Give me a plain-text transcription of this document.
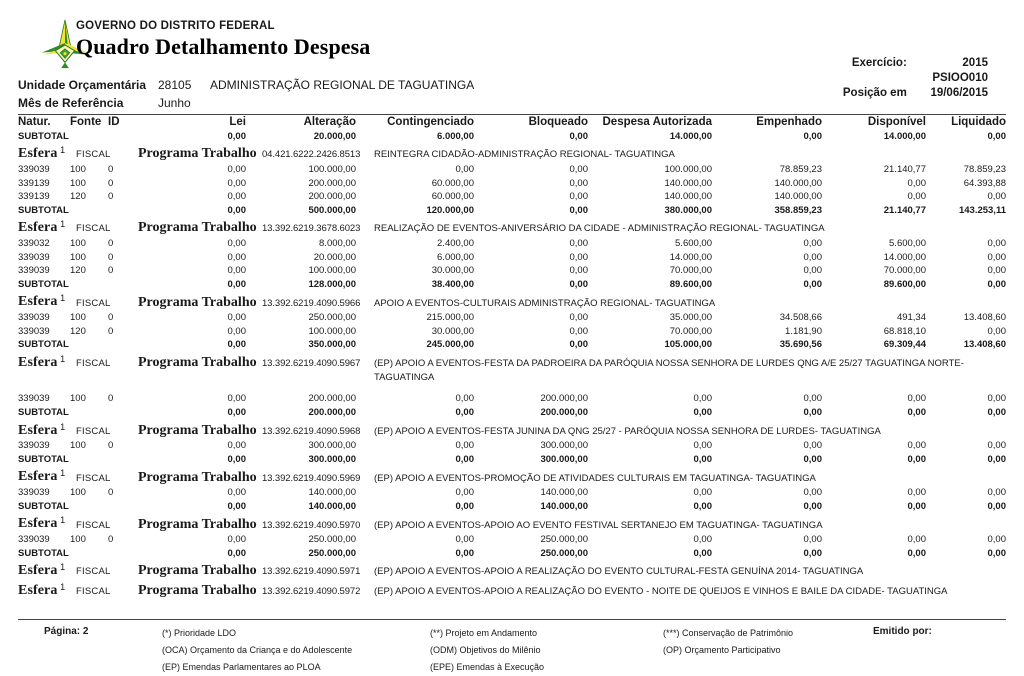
GOVERNO DO DISTRITO FEDERAL
Quadro Detalhamento Despesa
Exercício:	2015
PSIOO010
Posição em 19/06/2015
Unidade Orçamentária 28105 ADMINISTRAÇÃO REGIONAL DE TAGUATINGA
Mês de Referência	Junho
Natur.	Fonte	ID	Lei	Alteração	Contingenciado	Bloqueado	Despesa Autorizada	Empenhado	Disponível	Liquidado
SUBTOTAL			0,00	20.000,00	6.000,00	0,00	14.000,00	0,00	14.000,00	0,00

Esfera 1 FISCAL Programa Trabalho 04.421.6222.2426.8513 REINTEGRA CIDADÃO-ADMINISTRAÇÃO REGIONAL- TAGUATINGA										

339039	100	0	0,00	100.000,00	0,00	0,00	100.000,00	78.859,23	21.140,77	78.859,23
339139	100	0	0,00	200.000,00	60.000,00	0,00	140.000,00	140.000,00	0,00	64.393,88
339139	120	0	0,00	200.000,00	60.000,00	0,00	140.000,00	140.000,00	0,00	0,00
SUBTOTAL			0,00	500.000,00	120.000,00	0,00	380.000,00	358.859,23	21.140,77	143.253,11

Esfera 1 FISCAL Programa Trabalho 13.392.6219.3678.6023 REALIZAÇÃO DE EVENTOS-ANIVERSÁRIO DA CIDADE - ADMINISTRAÇÃO REGIONAL- TAGUATINGA										

339032	100	0	0,00	8.000,00	2.400,00	0,00	5.600,00	0,00	5.600,00	0,00
339039	100	0	0,00	20.000,00	6.000,00	0,00	14.000,00	0,00	14.000,00	0,00
339039	120	0	0,00	100.000,00	30.000,00	0,00	70.000,00	0,00	70.000,00	0,00
SUBTOTAL			0,00	128.000,00	38.400,00	0,00	89.600,00	0,00	89.600,00	0,00

Esfera 1 FISCAL Programa Trabalho 13.392.6219.4090.5966 APOIO A EVENTOS-CULTURAIS ADMINISTRAÇÃO REGIONAL- TAGUATINGA										

339039	100	0	0,00	250.000,00	215.000,00	0,00	35.000,00	34.508,66	491,34	13.408,60
339039	120	0	0,00	100.000,00	30.000,00	0,00	70.000,00	1.181,90	68.818,10	0,00
SUBTOTAL			0,00	350.000,00	245.000,00	0,00	105.000,00	35.690,56	69.309,44	13.408,60

Esfera 1 FISCAL Programa Trabalho 13.392.6219.4090.5967 (EP) APOIO A EVENTOS-FESTA DA PADROEIRA DA PARÓQUIA NOSSA SENHORA DE LURDES QNG A/E 25/27 TAGUATINGA NORTE- TAGUATINGA										

339039	100	0	0,00	200.000,00	0,00	200.000,00	0,00	0,00	0,00	0,00
SUBTOTAL			0,00	200.000,00	0,00	200.000,00	0,00	0,00	0,00	0,00

Esfera 1 FISCAL Programa Trabalho 13.392.6219.4090.5968 (EP) APOIO A EVENTOS-FESTA JUNINA DA QNG 25/27 - PARÓQUIA NOSSA SENHORA DE LURDES- TAGUATINGA										

339039	100	0	0,00	300.000,00	0,00	300.000,00	0,00	0,00	0,00	0,00
SUBTOTAL			0,00	300.000,00	0,00	300.000,00	0,00	0,00	0,00	0,00

Esfera 1 FISCAL Programa Trabalho 13.392.6219.4090.5969 (EP) APOIO A EVENTOS-PROMOÇÃO DE ATIVIDADES CULTURAIS EM TAGUATINGA- TAGUATINGA										

339039	100	0	0,00	140.000,00	0,00	140.000,00	0,00	0,00	0,00	0,00
SUBTOTAL			0,00	140.000,00	0,00	140.000,00	0,00	0,00	0,00	0,00

Esfera 1 FISCAL Programa Trabalho 13.392.6219.4090.5970 (EP) APOIO A EVENTOS-APOIO AO EVENTO FESTIVAL SERTANEJO EM TAGUATINGA- TAGUATINGA										

339039	100	0	0,00	250.000,00	0,00	250.000,00	0,00	0,00	0,00	0,00
SUBTOTAL			0,00	250.000,00	0,00	250.000,00	0,00	0,00	0,00	0,00

Esfera 1 FISCAL Programa Trabalho 13.392.6219.4090.5971 (EP) APOIO A EVENTOS-APOIO A REALIZAÇÃO DO EVENTO CULTURAL-FESTA GENUÍNA 2014- TAGUATINGA										

Esfera 1 FISCAL Programa Trabalho 13.392.6219.4090.5972 (EP) APOIO A EVENTOS-APOIO A REALIZAÇÃO DO EVENTO - NOITE DE QUEIJOS E VINHOS E BAILE DA CIDADE- TAGUATINGA										
Página: 2	(*) Prioridade LDO
(OCA) Orçamento da Criança e do Adolescente
(EP) Emendas Parlamentares ao PLOA
(**) Projeto em Andamento
(ODM) Objetivos do Milênio
(EPE) Emendas à Execução
(***) Conservação de Patrimônio
(OP) Orçamento Participativo
Emitido por:
